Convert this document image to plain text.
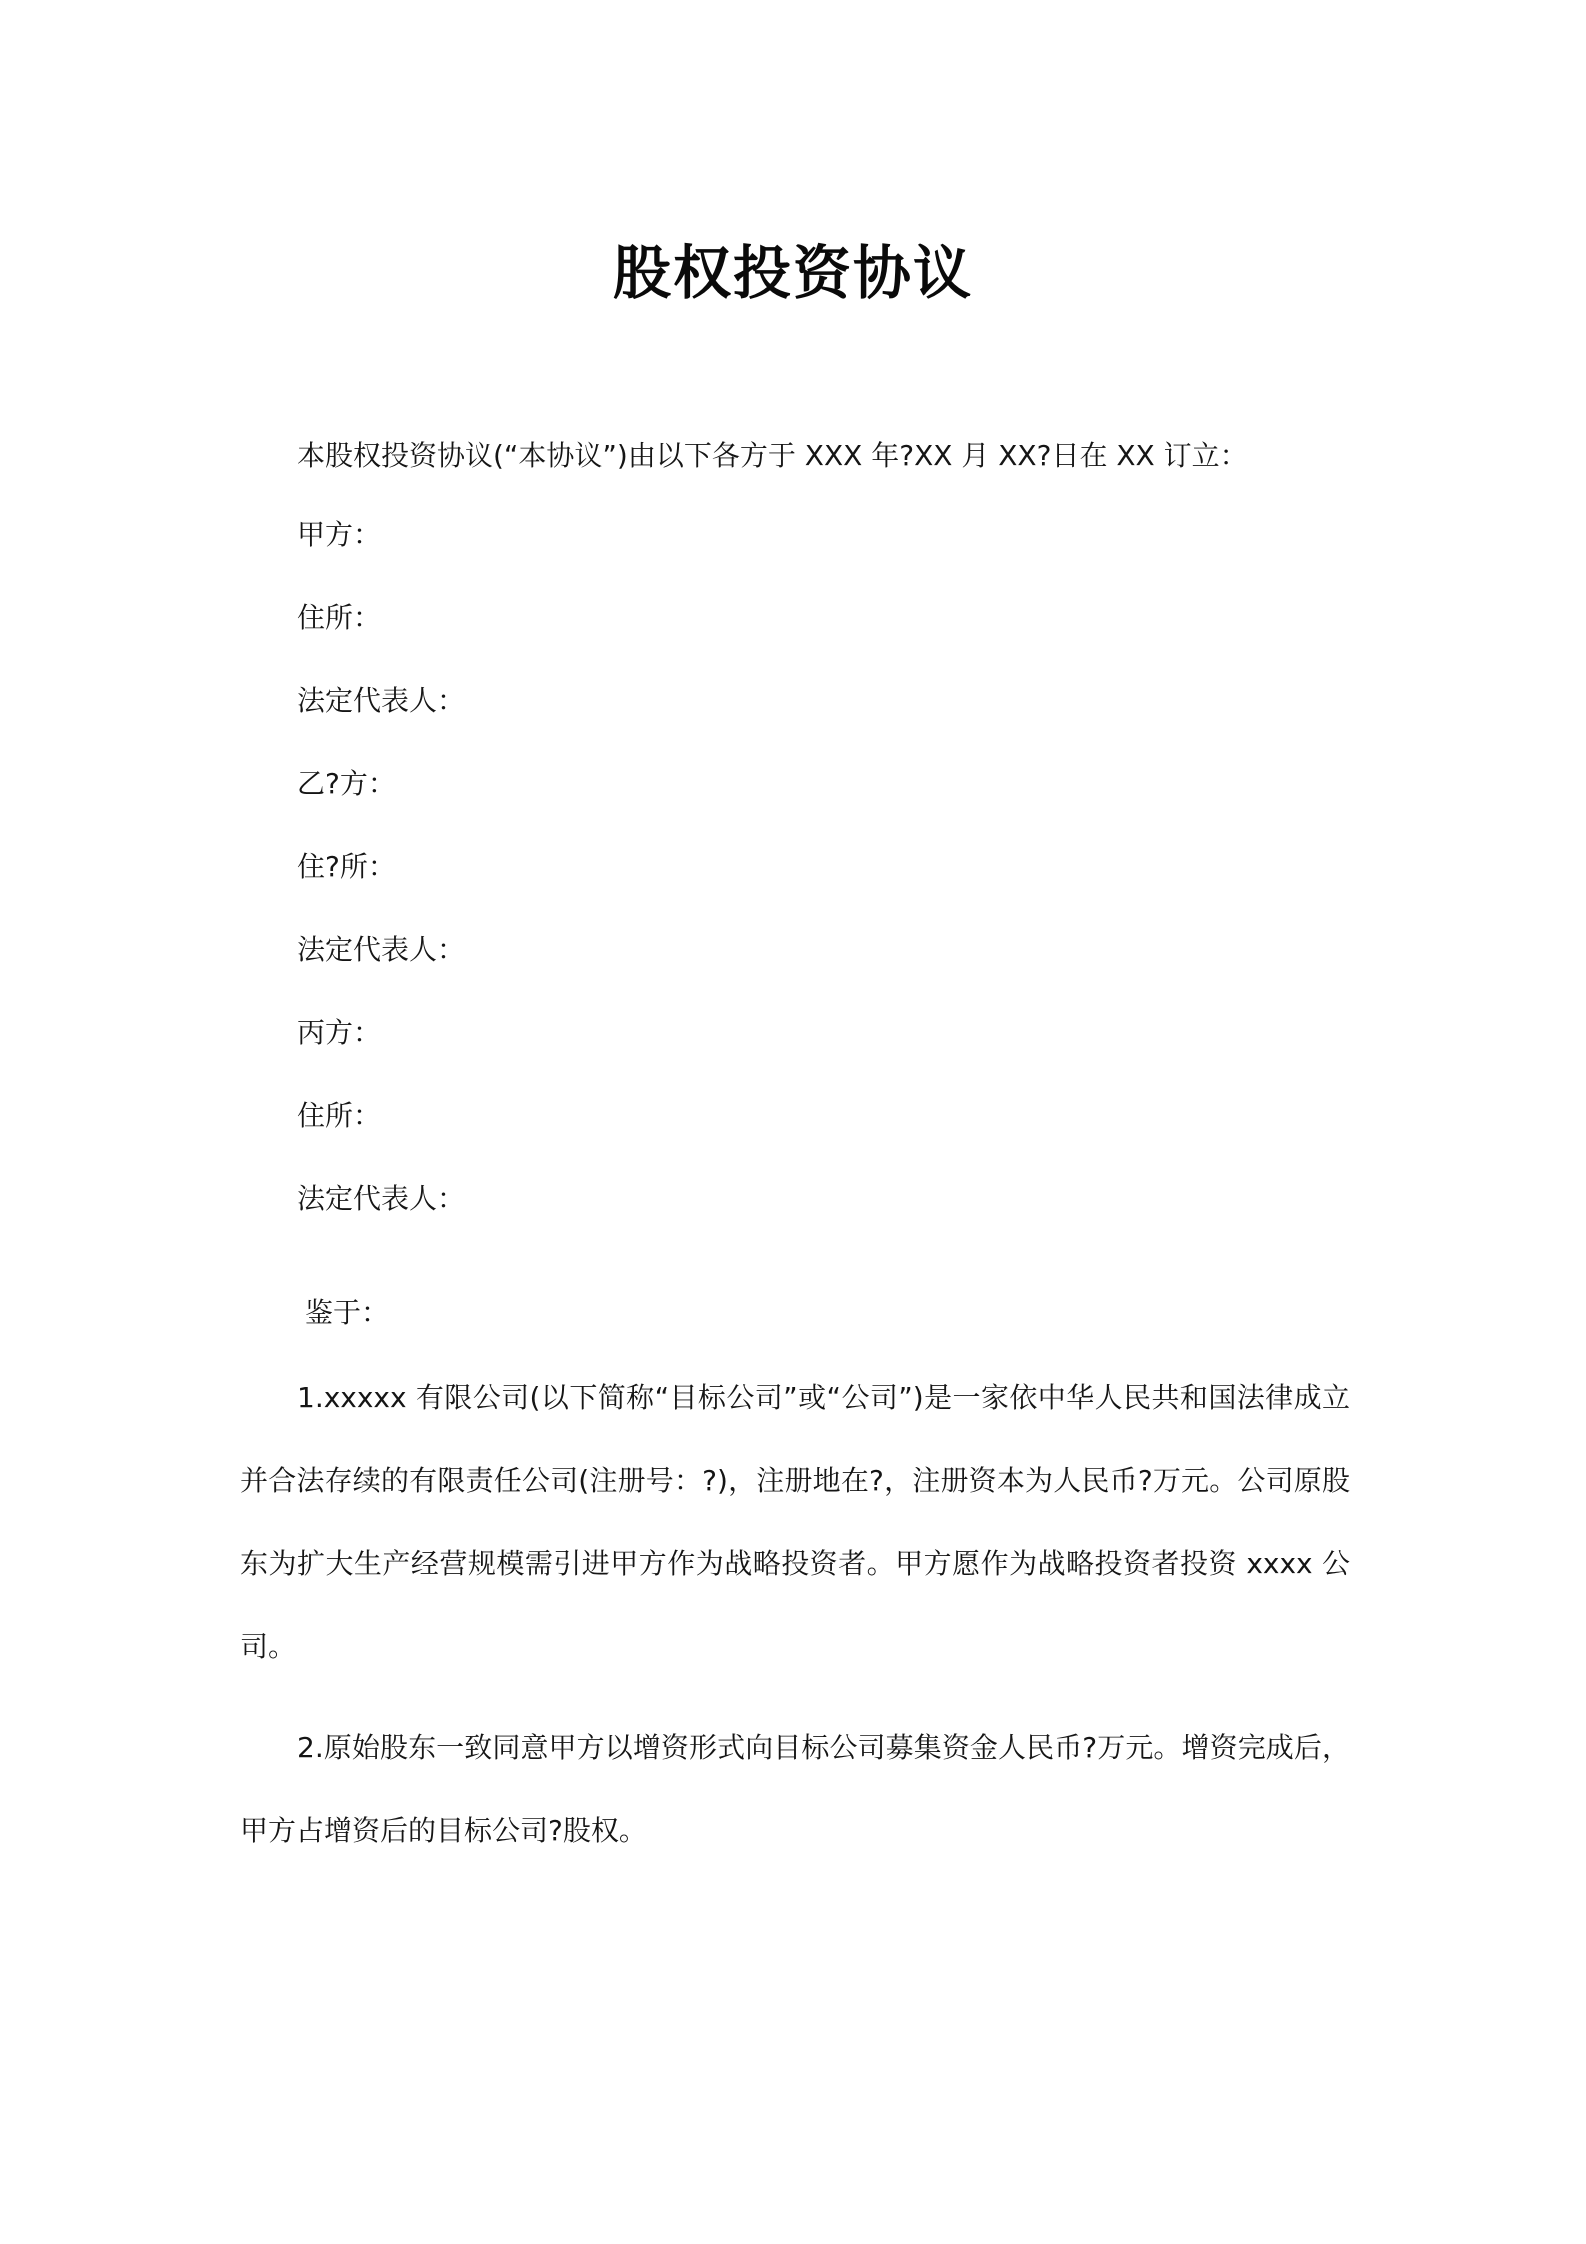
股权投资协议
本股权投资协议(“本协议”)由以下各方于 XXX 年?XX 月 XX?日在 XX 订立：
甲方：
住所：
法定代表人：
乙?方：
住?所：
法定代表人：
丙方：
住所：
法定代表人：
鉴于：

1.xxxxx 有限公司(以下简称“目标公司”或“公司”)是一家依中华人民共和国法律成立并合法存续的有限责任公司(注册号：?)，注册地在?，注册资本为人民币?万元。公司原股东为扩大生产经营规模需引进甲方作为战略投资者。甲方愿作为战略投资者投资 xxxx 公司。

2.原始股东一致同意甲方以增资形式向目标公司募集资金人民币?万元。增资完成后，甲方占增资后的目标公司?股权。
